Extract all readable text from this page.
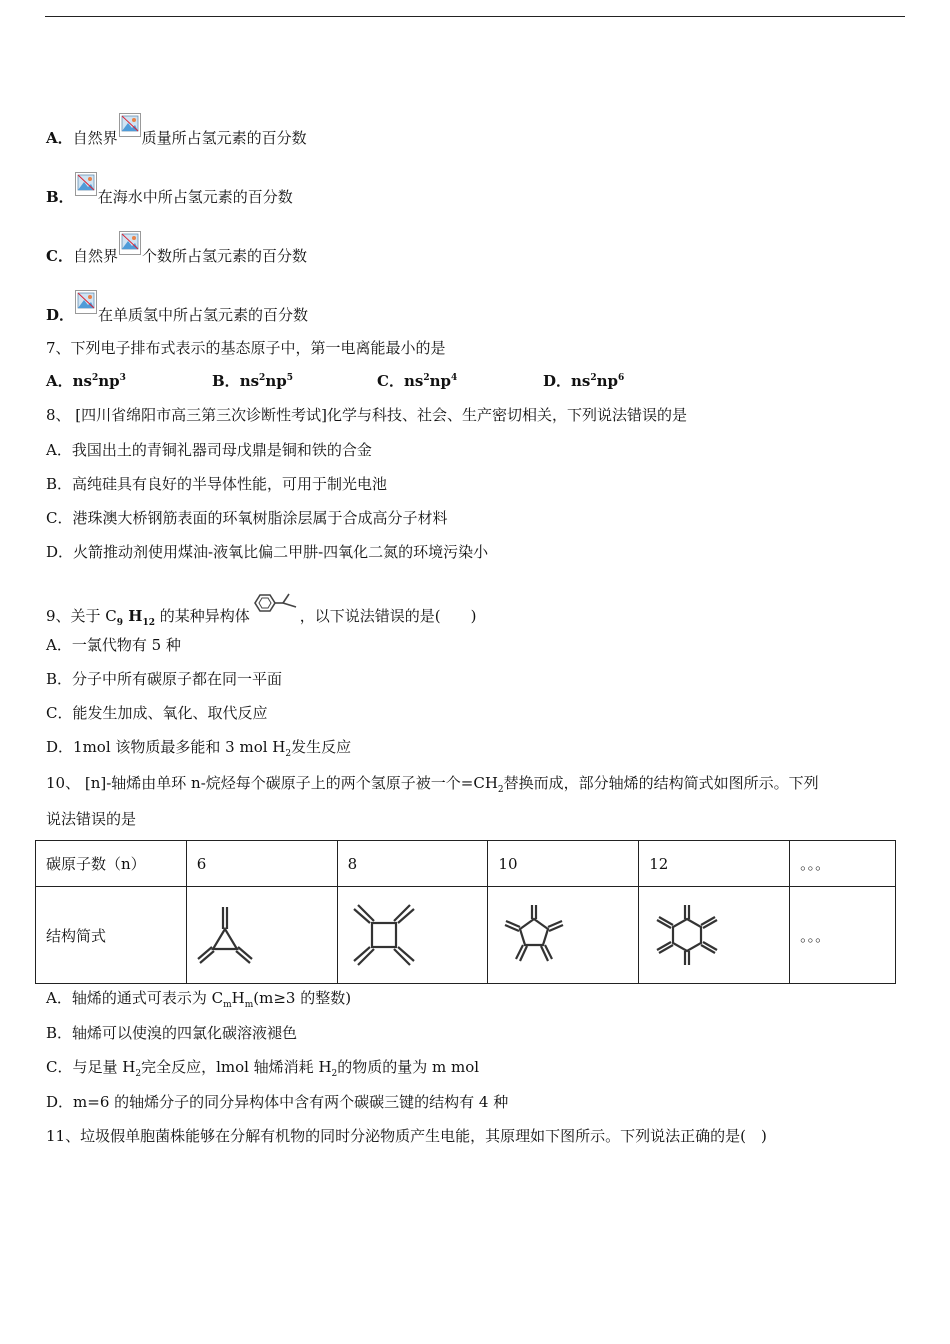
A．自然界 质量所占氢元素的百分数
B． 在海水中所占氢元素的百分数
C．自然界 个数所占氢元素的百分数
D． 在单质氢中所占氢元素的百分数
7、下列电子排布式表示的基态原子中，第一电离能最小的是
A．$ns^2np^3$	B．$ns^2np^5$	C．$ns^2np^4$	D．$ns^2np^6$
8、 [四川省绵阳市高三第三次诊断性考试]化学与科技、社会、生产密切相关，下列说法错误的是
A．我国出土的青铜礼器司母戊鼎是铜和铁的合金
B．高纯硅具有良好的半导体性能，可用于制光电池
C．港珠澳大桥钢筋表面的环氧树脂涂层属于合成高分子材料
D．火箭推动剂使用煤油-液氧比偏二甲肼-四氧化二氮的环境污染小
9、关于 $C_9$ $H_{12}$ 的某种异构体	，以下说法错误的是(　　)
A．一氯代物有 5 种
B．分子中所有碳原子都在同一平面
C．能发生加成、氧化、取代反应
D．1mol 该物质最多能和 3 mol $H_2$发生反应
10、 [n]-轴烯由单环 n-烷烃每个碳原子上的两个氢原子被一个$=CH_2$替换而成，部分轴烯的结构简式如图所示。下列
说法错误的是
碳原子数（n）	6	8	10	12	。。。
结构简式					。。。
A．轴烯的通式可表示为 $C_mH_m(m\ge 3$ 的整数)
B．轴烯可以使溴的四氯化碳溶液褪色
C．与足量 $H_2$完全反应，lmol 轴烯消耗 $H_2$的物质的量为 m mol
D．m=6 的轴烯分子的同分异构体中含有两个碳碳三键的结构有 4 种
11、垃圾假单胞菌株能够在分解有机物的同时分泌物质产生电能，其原理如下图所示。下列说法正确的是(　)
